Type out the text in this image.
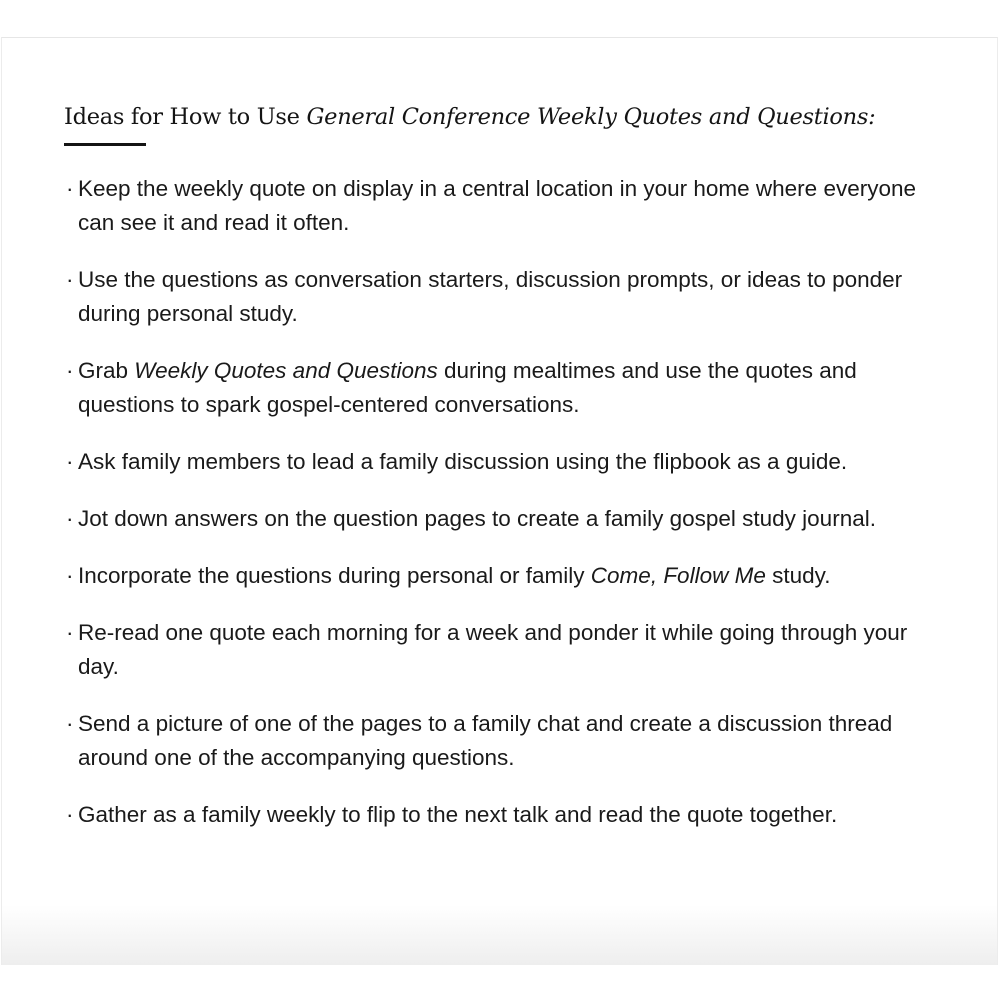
Ideas for How to Use General Conference Weekly Quotes and Questions:
· Keep the weekly quote on display in a central location in your home where everyone can see it and read it often.
· Use the questions as conversation starters, discussion prompts, or ideas to ponder during personal study.
· Grab Weekly Quotes and Questions during mealtimes and use the quotes and questions to spark gospel-centered conversations.
· Ask family members to lead a family discussion using the flipbook as a guide.
· Jot down answers on the question pages to create a family gospel study journal.
· Incorporate the questions during personal or family Come, Follow Me study.
· Re-read one quote each morning for a week and ponder it while going through your day.
· Send a picture of one of the pages to a family chat and create a discussion thread around one of the accompanying questions.
· Gather as a family weekly to flip to the next talk and read the quote together.
